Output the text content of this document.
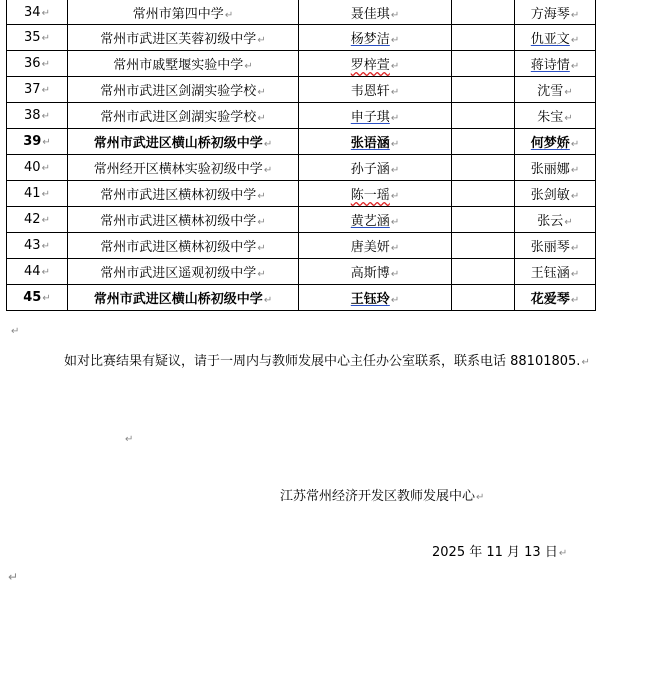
34↵	常州市第四中学↵	聂佳琪↵		方海琴↵
35↵	常州市武进区芙蓉初级中学↵	杨梦洁↵		仇亚文↵
36↵	常州市戚墅堰实验中学↵	罗梓萱↵		蒋诗情↵
37↵	常州市武进区剑湖实验学校↵	韦恩轩↵		沈雪↵
38↵	常州市武进区剑湖实验学校↵	申子琪↵		朱宝↵
39↵	常州市武进区横山桥初级中学↵	张语涵↵		何梦娇↵
40↵	常州经开区横林实验初级中学↵	孙子涵↵		张丽娜↵
41↵	常州市武进区横林初级中学↵	陈一瑶↵		张剑敏↵
42↵	常州市武进区横林初级中学↵	黄艺涵↵		张云↵
43↵	常州市武进区横林初级中学↵	唐美妍↵		张丽琴↵
44↵	常州市武进区遥观初级中学↵	高斯博↵		王钰涵↵
45↵	常州市武进区横山桥初级中学↵	王钰玲↵		花爱琴↵
↵
如对比赛结果有疑议，请于一周内与教师发展中心主任办公室联系，联系电话 88101805.↵
↵
江苏常州经济开发区教师发展中心↵
2025 年 11 月 13 日↵
↵
